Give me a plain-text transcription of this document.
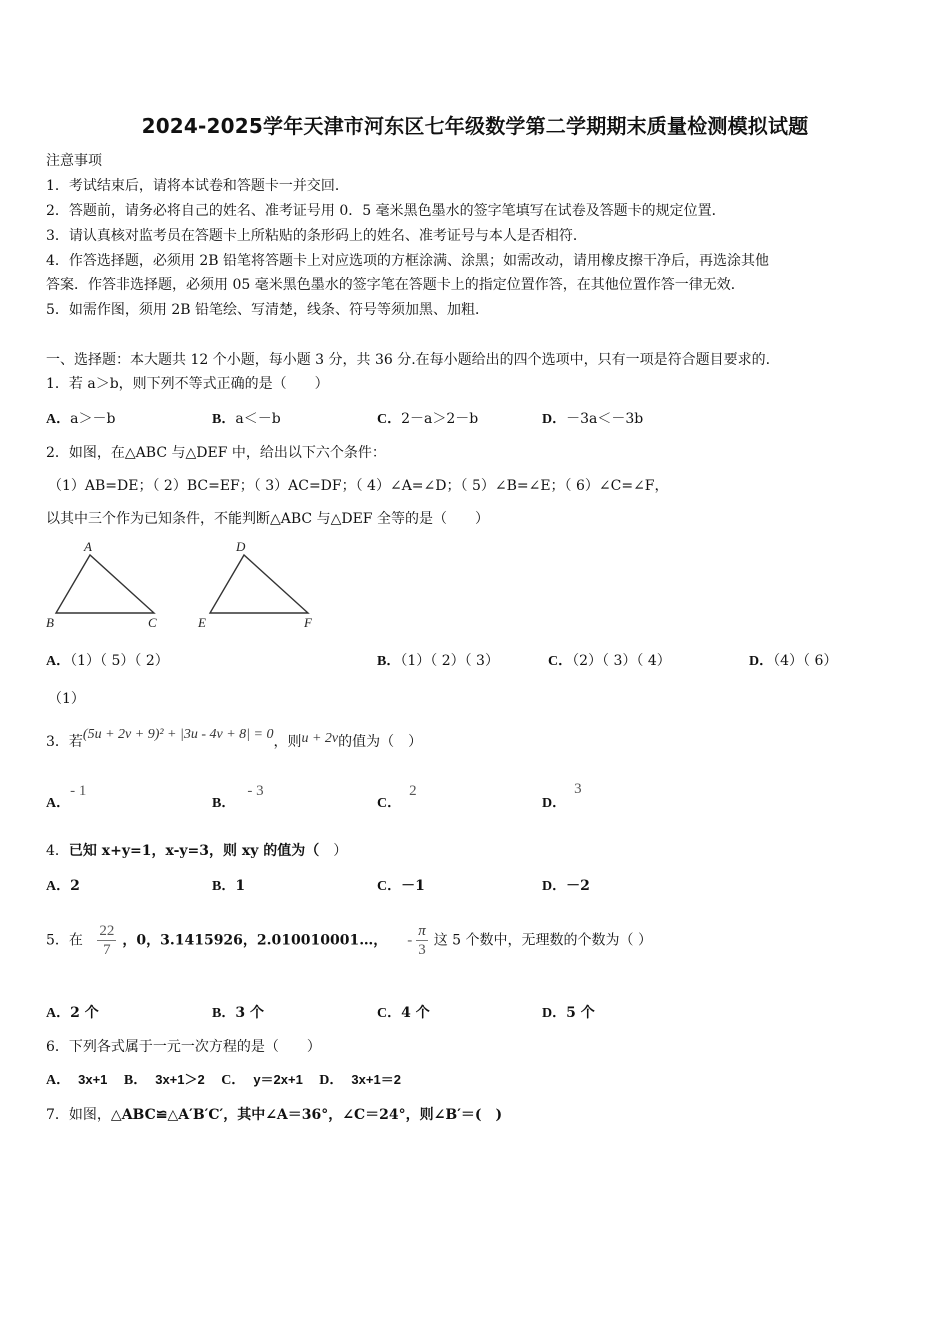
2024-2025学年天津市河东区七年级数学第二学期期末质量检测模拟试题
注意事项
1．考试结束后，请将本试卷和答题卡一并交回．
2．答题前，请务必将自己的姓名、准考证号用 0．5 毫米黑色墨水的签字笔填写在试卷及答题卡的规定位置．
3．请认真核对监考员在答题卡上所粘贴的条形码上的姓名、准考证号与本人是否相符．
4．作答选择题，必须用 2B 铅笔将答题卡上对应选项的方框涂满、涂黑；如需改动，请用橡皮擦干净后，再选涂其他
答案．作答非选择题，必须用 05 毫米黑色墨水的签字笔在答题卡上的指定位置作答，在其他位置作答一律无效．
5．如需作图，须用 2B 铅笔绘、写清楚，线条、符号等须加黑、加粗．
一、选择题：本大题共 12 个小题，每小题 3 分，共 36 分.在每小题给出的四个选项中，只有一项是符合题目要求的.
1．若 a＞b，则下列不等式正确的是（　　）
A．a＞－b	B．a＜－b	C．2－a＞2－b	D．－3a＜－3b
2．如图，在△ABC 与△DEF 中，给出以下六个条件：
（1）AB=DE；（ 2）BC=EF；（ 3）AC=DF；（ 4）∠A=∠D；（ 5）∠B=∠E；（ 6）∠C=∠F，
以其中三个作为已知条件，不能判断△ABC 与△DEF 全等的是（　　）
A
B	C
D
E	F
A．（1）（ 5）（ 2）	B．（1）（ 2）（ 3）	C．（2）（ 3）（ 4）	D．（4）（ 6）
（1）
3．若(5u + 2v + 9)² + |3u - 4v + 8| = 0，则u + 2v的值为（　）
A．- 1
B．- 3
C．2
D．3
4．已知 x+y=1，x-y=3，则 xy 的值为（　）
A．2	B．1	C．－1	D．－2
5．在 $\frac{22}{7}$ ，0，3.1415926，2.010010001…， - $\frac{\pi}{3}$ 这 5 个数中，无理数的个数为（ ）
A．2 个	B．3 个	C．4 个	D．5 个
6．下列各式属于一元一次方程的是（　　）
A． 3x+1 B． 3x+1＞2 C． y＝2x+1 D． 3x+1＝2
7．如图，△ABC≌△A′B′C′，其中∠A＝36°，∠C＝24°，则∠B′＝(　)
